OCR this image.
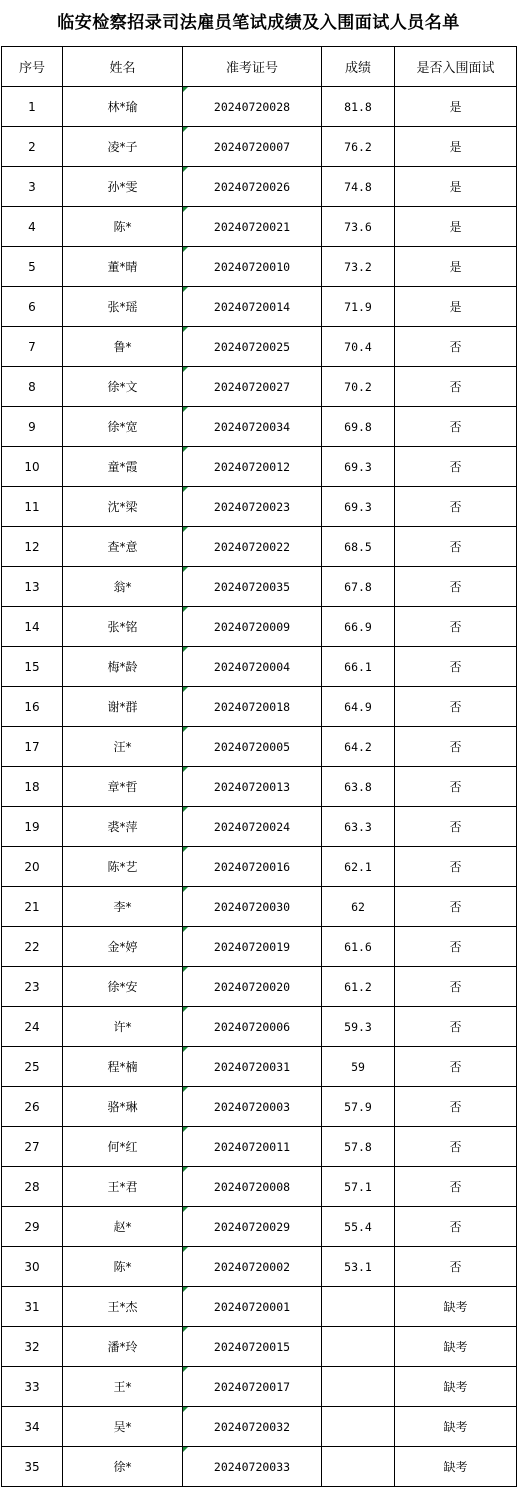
临安检察招录司法雇员笔试成绩及入围面试人员名单
序号	姓名	准考证号	成绩	是否入围面试
1	林*瑜	20240720028	81.8	是
2	凌*子	20240720007	76.2	是
3	孙*雯	20240720026	74.8	是
4	陈*	20240720021	73.6	是
5	董*晴	20240720010	73.2	是
6	张*瑶	20240720014	71.9	是
7	鲁*	20240720025	70.4	否
8	徐*文	20240720027	70.2	否
9	徐*宽	20240720034	69.8	否
10	童*霞	20240720012	69.3	否
11	沈*梁	20240720023	69.3	否
12	查*意	20240720022	68.5	否
13	翁*	20240720035	67.8	否
14	张*铭	20240720009	66.9	否
15	梅*龄	20240720004	66.1	否
16	谢*群	20240720018	64.9	否
17	汪*	20240720005	64.2	否
18	章*哲	20240720013	63.8	否
19	裘*萍	20240720024	63.3	否
20	陈*艺	20240720016	62.1	否
21	李*	20240720030	62	否
22	金*婷	20240720019	61.6	否
23	徐*安	20240720020	61.2	否
24	许*	20240720006	59.3	否
25	程*楠	20240720031	59	否
26	骆*琳	20240720003	57.9	否
27	何*红	20240720011	57.8	否
28	王*君	20240720008	57.1	否
29	赵*	20240720029	55.4	否
30	陈*	20240720002	53.1	否
31	王*杰	20240720001		缺考
32	潘*玲	20240720015		缺考
33	王*	20240720017		缺考
34	吴*	20240720032		缺考
35	徐*	20240720033		缺考
